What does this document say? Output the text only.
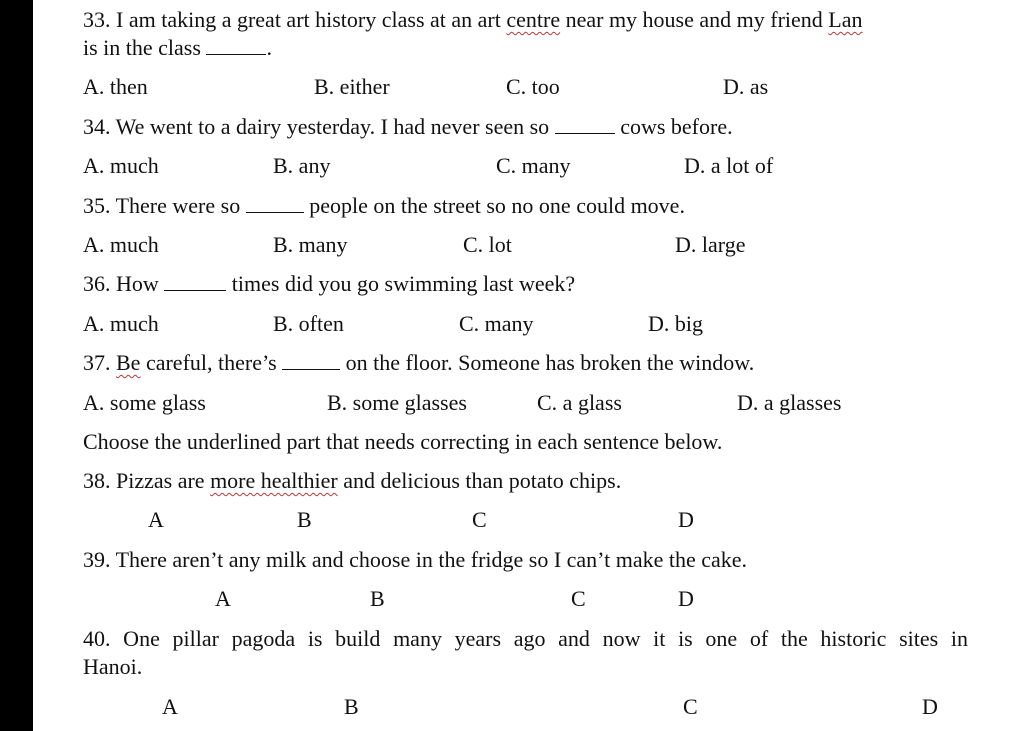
33. I am taking a great art history class at an art centre near my house and my friend Lan
is in the class	.
A. then	B. either	C. too	D. as
34. We went to a dairy yesterday. I had never seen so	cows before.
A. much	B. any	C. many	D. a lot of
35. There were so	people on the street so no one could move.
A. much	B. many	C. lot	D. large
36. How	times did you go swimming last week?
A. much	B. often	C. many	D. big
37. Be careful, there’s	on the floor. Someone has broken the window.
A. some glass	B. some glasses	C. a glass	D. a glasses
Choose the underlined part that needs correcting in each sentence below.
38. Pizzas are more healthier and delicious than potato chips.
A	B	C	D
39. There aren’t any milk and choose in the fridge so I can’t make the cake.
A	B	C	D
40. One pillar pagoda is build many years ago and now it is one of the historic sites in
Hanoi.
A	B	C	D
